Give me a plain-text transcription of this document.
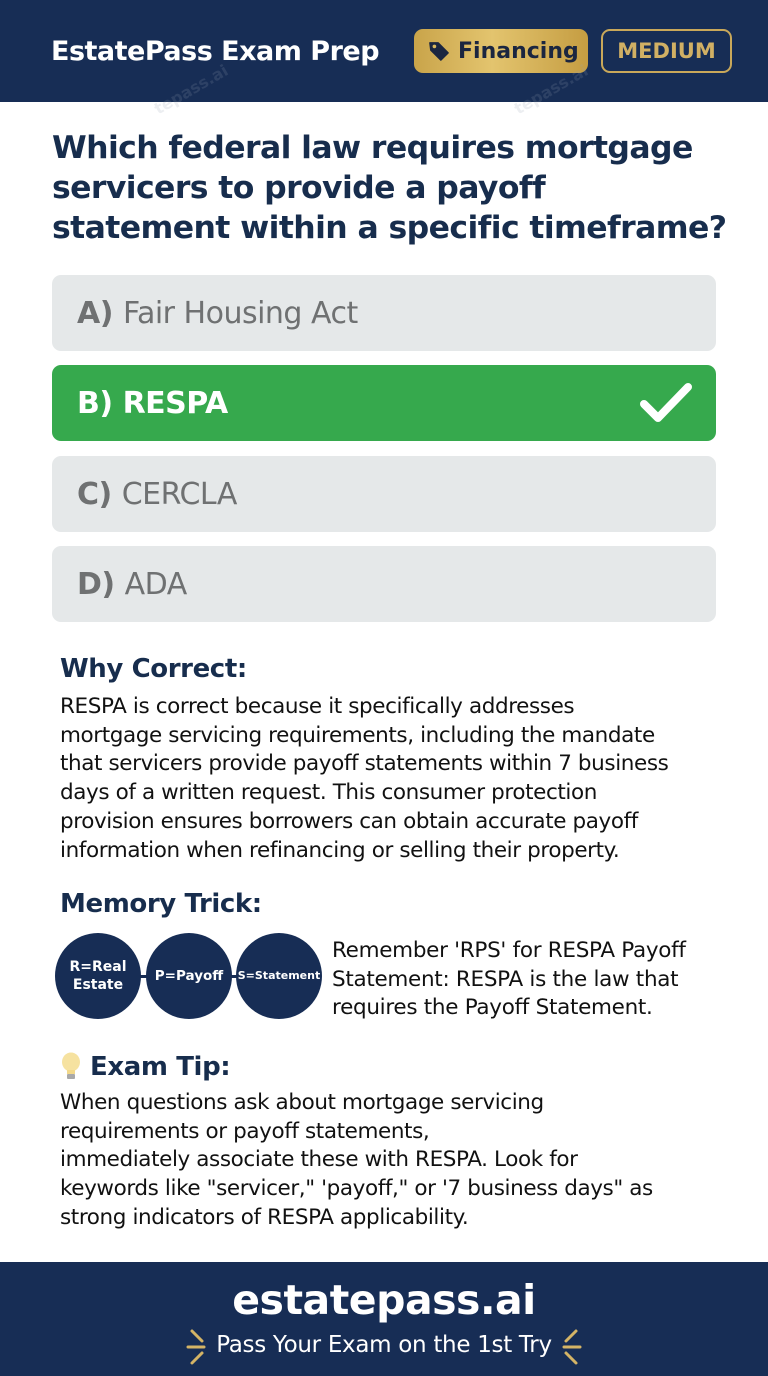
EstatePass Exam Prep	Financing MEDIUM
Which federal law requires mortgage servicers to provide a payoff statement within a specific timeframe?
A) Fair Housing Act
B) RESPA
C) CERCLA
D) ADA
Why Correct:
RESPA is correct because it specifically addresses
mortgage servicing requirements, including the mandate
that servicers provide payoff statements within 7 business
days of a written request. This consumer protection
provision ensures borrowers can obtain accurate payoff
information when refinancing or selling their property.
Memory Trick:
R=Real
Estate
P=Payoff S=Statement
Remember 'RPS' for RESPA Payoff
Statement: RESPA is the law that
requires the Payoff Statement.
Exam Tip:
When questions ask about mortgage servicing
requirements or payoff statements,
immediately associate these with RESPA. Look for
keywords like "servicer," 'payoff," or '7 business days" as
strong indicators of RESPA applicability.
estatepass.ai
Pass Your Exam on the 1st Try
